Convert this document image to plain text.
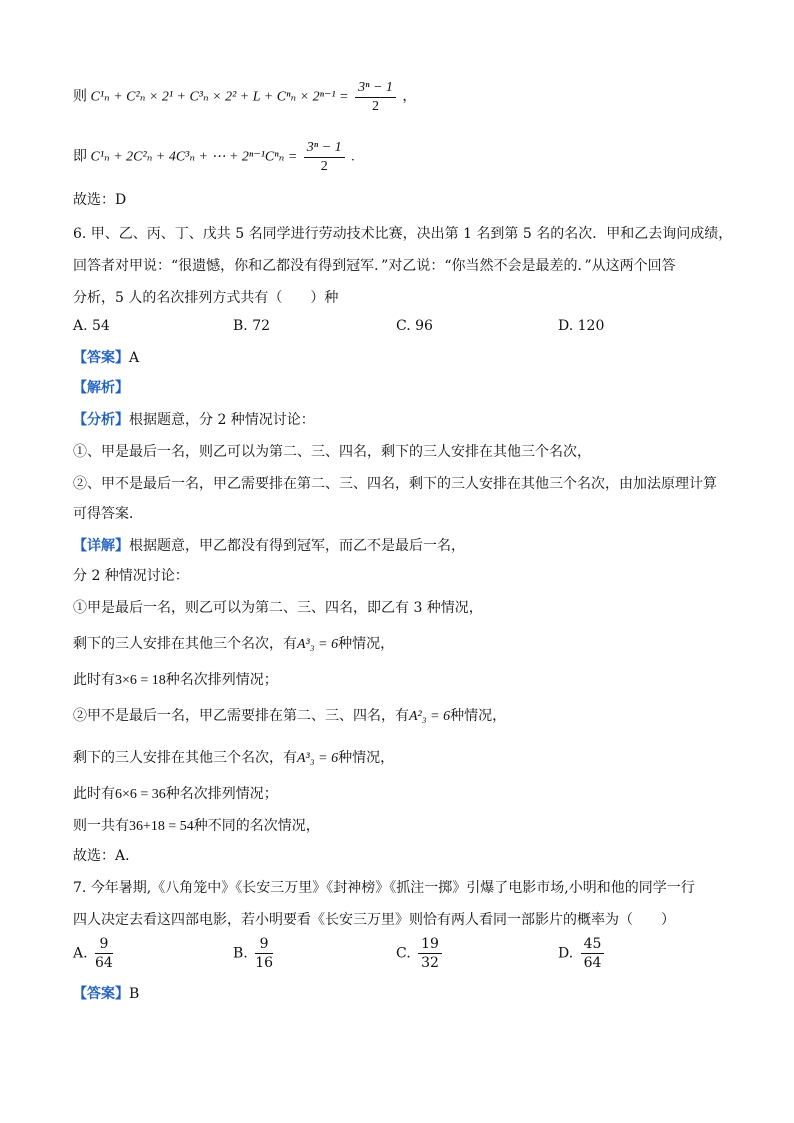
则 $C^1_n + C^2_n \times 2^1 + C^3_n \times 2^2 + L + C^n_n \times 2^{n-1} = \frac{\text{3ⁿ − 1}}{2}$ ，
即 C¹ₙ + 2C²ₙ + 4C³ₙ + ⋯ + $2^{n-1}C^n_n = \frac{\text{3ⁿ − 1}}{2}$ .
故选：D
6. 甲、乙、丙、丁、戊共 5 名同学进行劳动技术比赛，决出第 1 名到第 5 名的名次．甲和乙去询问成绩，
回答者对甲说：“很遗憾，你和乙都没有得到冠军．”对乙说：“你当然不会是最差的．”从这两个回答
分析，5 人的名次排列方式共有（　　）种
A. 54	B. 72	C. 96	D. 120
【答案】A
【解析】
【分析】根据题意，分 2 种情况讨论：
①、甲是最后一名，则乙可以为第二、三、四名，剩下的三人安排在其他三个名次，
②、甲不是最后一名，甲乙需要排在第二、三、四名，剩下的三人安排在其他三个名次，由加法原理计算
可得答案．
【详解】根据题意，甲乙都没有得到冠军，而乙不是最后一名，
分 2 种情况讨论：
①甲是最后一名，则乙可以为第二、三、四名，即乙有 3 种情况，
剩下的三人安排在其他三个名次，有A³₃ = 6种情况，
此时有3×6 = 18种名次排列情况；
②甲不是最后一名，甲乙需要排在第二、三、四名，有A²₃ = 6种情况，
剩下的三人安排在其他三个名次，有A³₃ = 6种情况，
此时有6×6 = 36种名次排列情况；
则一共有36+18 = 54种不同的名次情况，
故选：A．
7. 今年暑期,《八角笼中》《长安三万里》《封神榜》《抓注一掷》引爆了电影市场,小明和他的同学一行
四人决定去看这四部电影，若小明要看《长安三万里》则恰有两人看同一部影片的概率为（　　）
A. $\frac{9}{64}$	B. $\frac{9}{16}$	C. $\frac{19}{32}$	D. $\frac{45}{64}$
【答案】B
